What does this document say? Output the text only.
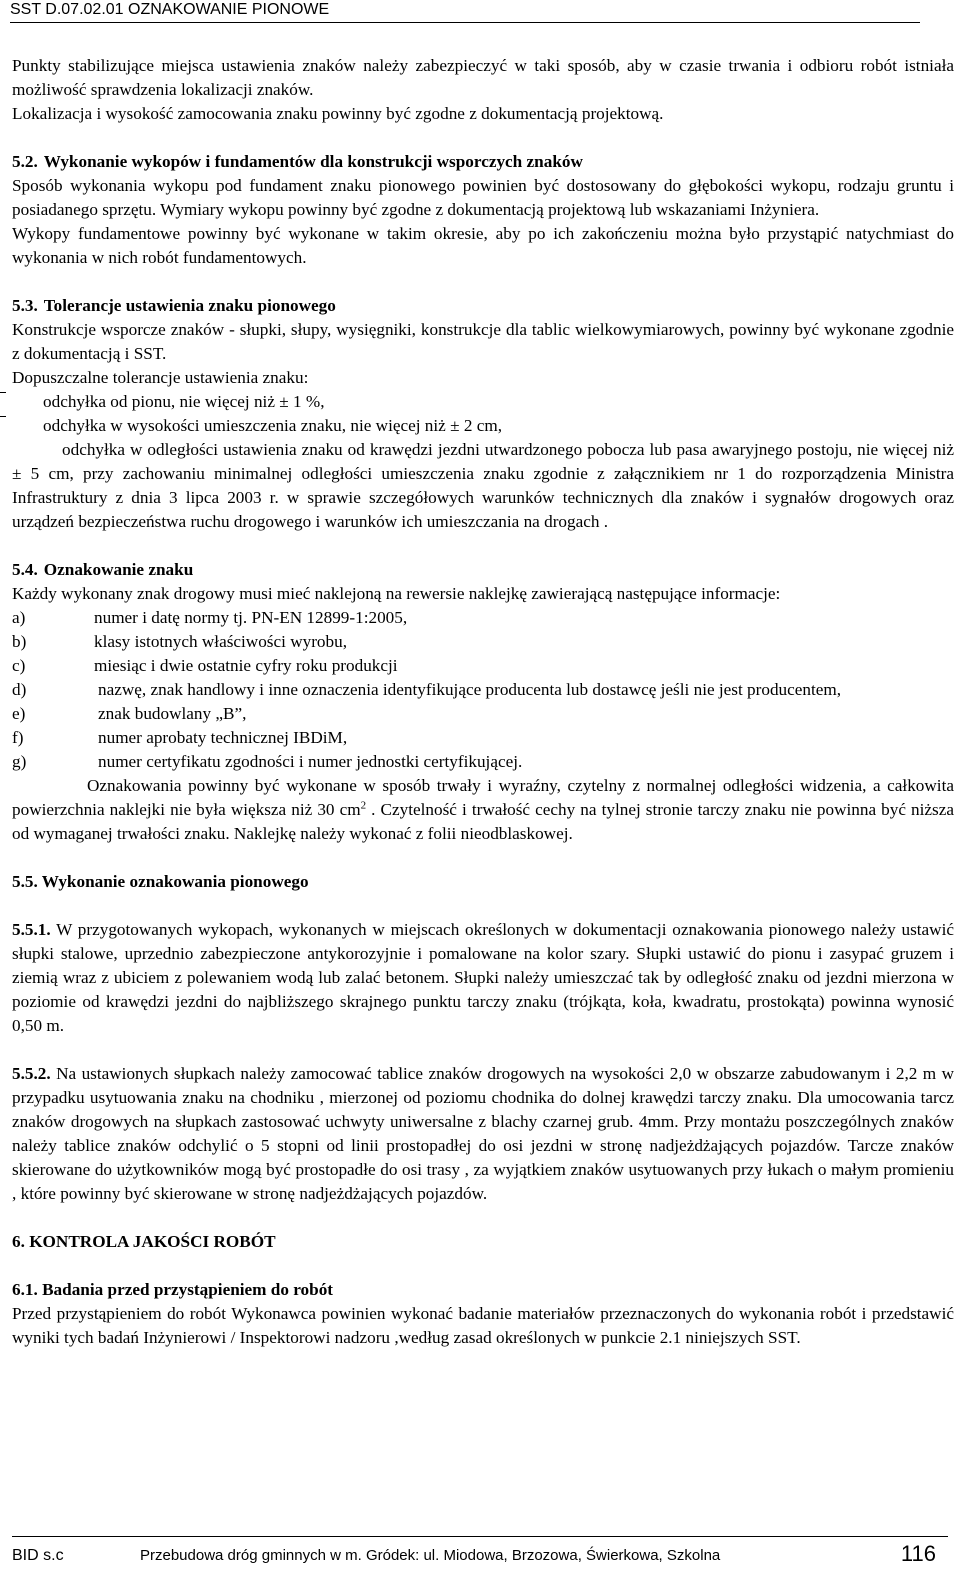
SST D.07.02.01 OZNAKOWANIE PIONOWE

Punkty stabilizujące miejsca ustawienia znaków należy zabezpieczyć w taki sposób, aby w czasie trwania i odbioru robót istniała możliwość sprawdzenia lokalizacji znaków.

Lokalizacja i wysokość zamocowania znaku powinny być zgodne z dokumentacją projektową.

5.2. Wykonanie wykopów i fundamentów dla konstrukcji wsporczych znaków

Sposób wykonania wykopu pod fundament znaku pionowego powinien być dostosowany do głębokości wykopu, rodzaju gruntu i posiadanego sprzętu. Wymiary wykopu powinny być zgodne z dokumentacją projektową lub wskazaniami Inżyniera.

Wykopy fundamentowe powinny być wykonane w takim okresie, aby po ich zakończeniu można było przystąpić natychmiast do wykonania w nich robót fundamentowych.

5.3. Tolerancje ustawienia znaku pionowego

Konstrukcje wsporcze znaków - słupki, słupy, wysięgniki, konstrukcje dla tablic wielkowymiarowych, powinny być wykonane zgodnie z dokumentacją i SST.

Dopuszczalne tolerancje ustawienia znaku:

odchyłka od pionu, nie więcej niż ± 1 %,
odchyłka w wysokości umieszczenia znaku, nie więcej niż ± 2 cm,

odchyłka w odległości ustawienia znaku od krawędzi jezdni utwardzonego pobocza lub pasa awaryjnego postoju, nie więcej niż ± 5 cm, przy zachowaniu minimalnej odległości umieszczenia znaku zgodnie z załącznikiem nr 1 do rozporządzenia Ministra Infrastruktury z dnia 3 lipca 2003 r. w sprawie szczegółowych warunków technicznych dla znaków i sygnałów drogowych oraz urządzeń bezpieczeństwa ruchu drogowego i warunków ich umieszczania na drogach .

5.4. Oznakowanie znaku

Każdy wykonany znak drogowy musi mieć naklejoną na rewersie naklejkę zawierającą następujące informacje:

a)	numer i datę normy tj. PN-EN 12899-1:2005,
b)	klasy istotnych właściwości wyrobu,
c)	miesiąc i dwie ostatnie cyfry roku produkcji
d)	nazwę, znak handlowy i inne oznaczenia identyfikujące producenta lub dostawcę jeśli nie jest producentem,
e)	znak budowlany „B”,
f)	numer aprobaty technicznej IBDiM,
g)	numer certyfikatu zgodności i numer jednostki certyfikującej.

Oznakowania powinny być wykonane w sposób trwały i wyraźny, czytelny z normalnej odległości widzenia, a całkowita powierzchnia naklejki nie była większa niż 30 $cm^2$ . Czytelność i trwałość cechy na tylnej stronie tarczy znaku nie powinna być niższa od wymaganej trwałości znaku. Naklejkę należy wykonać z folii nieodblaskowej.

5.5. Wykonanie oznakowania pionowego

5.5.1. W przygotowanych wykopach, wykonanych w miejscach określonych w dokumentacji oznakowania pionowego należy ustawić słupki stalowe, uprzednio zabezpieczone antykorozyjnie i pomalowane na kolor szary. Słupki ustawić do pionu i zasypać gruzem i ziemią wraz z ubiciem z polewaniem wodą lub zalać betonem. Słupki należy umieszczać tak by odległość znaku od jezdni mierzona w poziomie od krawędzi jezdni do najbliższego skrajnego punktu tarczy znaku (trójkąta, koła, kwadratu, prostokąta) powinna wynosić 0,50 m.

5.5.2. Na ustawionych słupkach należy zamocować tablice znaków drogowych na wysokości 2,0 w obszarze zabudowanym i 2,2 m w przypadku usytuowania znaku na chodniku , mierzonej od poziomu chodnika do dolnej krawędzi tarczy znaku. Dla umocowania tarcz znaków drogowych na słupkach zastosować uchwyty uniwersalne z blachy czarnej grub. 4mm. Przy montażu poszczególnych znaków należy tablice znaków odchylić o 5 stopni od linii prostopadłej do osi jezdni w stronę nadjeżdżających pojazdów. Tarcze znaków skierowane do użytkowników mogą być prostopadłe do osi trasy , za wyjątkiem znaków usytuowanych przy łukach o małym promieniu , które powinny być skierowane w stronę nadjeżdżających pojazdów.

6. KONTROLA JAKOŚCI ROBÓT
6.1. Badania przed przystąpieniem do robót

Przed przystąpieniem do robót Wykonawca powinien wykonać badanie materiałów przeznaczonych do wykonania robót i przedstawić wyniki tych badań Inżynierowi / Inspektorowi nadzoru ,według zasad określonych w punkcie 2.1 niniejszych SST.

BID s.c	Przebudowa dróg gminnych w m. Gródek: ul. Miodowa, Brzozowa, Świerkowa, Szkolna	116
